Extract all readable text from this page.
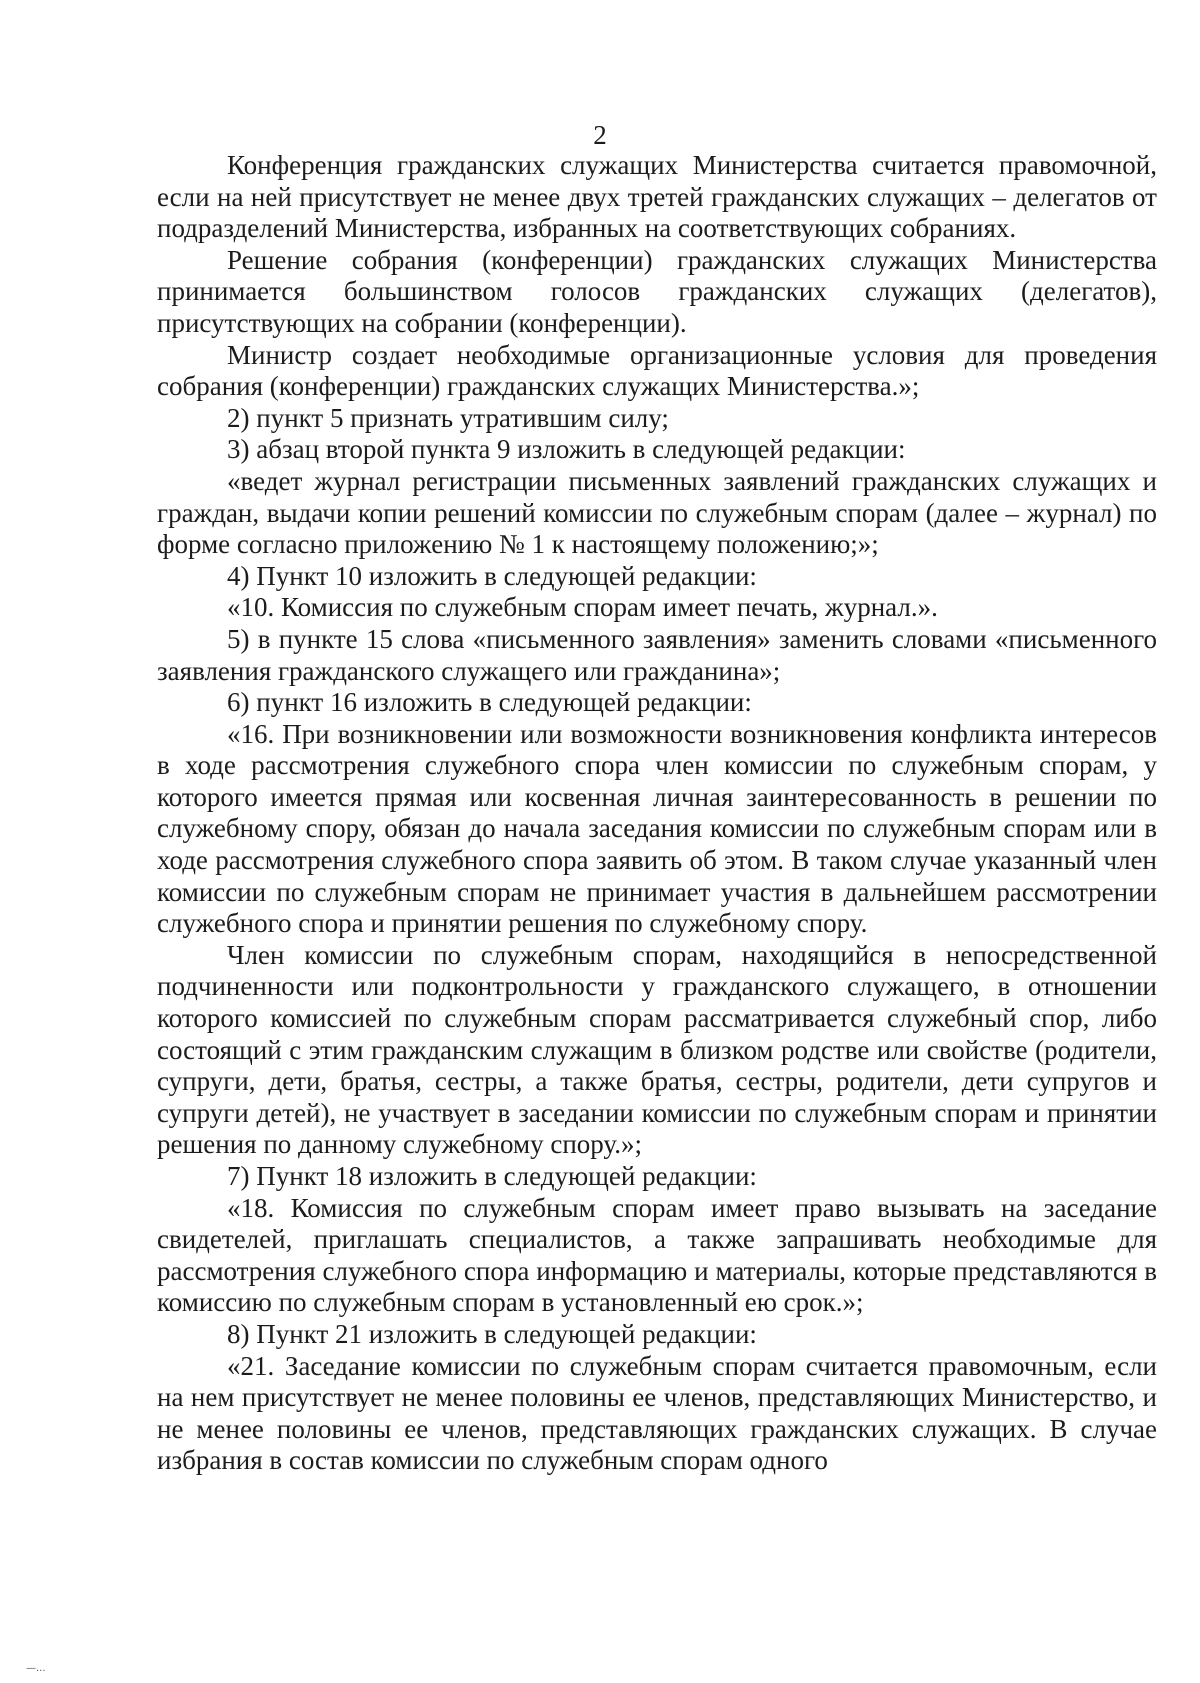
2

Конференция гражданских служащих Министерства считается правомочной, если на ней присутствует не менее двух третей гражданских служащих – делегатов от подразделений Министерства, избранных на соответствующих собраниях.

Решение собрания (конференции) гражданских служащих Министерства принимается большинством голосов гражданских служащих (делегатов), присутствующих на собрании (конференции).

Министр создает необходимые организационные условия для проведения собрания (конференции) гражданских служащих Министерства.»;

2) пункт 5 признать утратившим силу;

3) абзац второй пункта 9 изложить в следующей редакции:

«ведет журнал регистрации письменных заявлений гражданских служащих и граждан, выдачи копии решений комиссии по служебным спорам (далее – журнал) по форме согласно приложению № 1 к настоящему положению;»;

4) Пункт 10 изложить в следующей редакции:

«10. Комиссия по служебным спорам имеет печать, журнал.».

5) в пункте 15 слова «письменного заявления» заменить словами «письменного заявления гражданского служащего или гражданина»;

6) пункт 16 изложить в следующей редакции:

«16. При возникновении или возможности возникновения конфликта интересов в ходе рассмотрения служебного спора член комиссии по служебным спорам, у которого имеется прямая или косвенная личная заинтересованность в решении по служебному спору, обязан до начала заседания комиссии по служебным спорам или в ходе рассмотрения служебного спора заявить об этом. В таком случае указанный член комиссии по служебным спорам не принимает участия в дальнейшем рассмотрении служебного спора и принятии решения по служебному спору.

Член комиссии по служебным спорам, находящийся в непосредственной подчиненности или подконтрольности у гражданского служащего, в отношении которого комиссией по служебным спорам рассматривается служебный спор, либо состоящий с этим гражданским служащим в близком родстве или свойстве (родители, супруги, дети, братья, сестры, а также братья, сестры, родители, дети супругов и супруги детей), не участвует в заседании комиссии по служебным спорам и принятии решения по данному служебному спору.»;

7) Пункт 18 изложить в следующей редакции:

«18. Комиссия по служебным спорам имеет право вызывать на заседание свидетелей, приглашать специалистов, а также запрашивать необходимые для рассмотрения служебного спора информацию и материалы, которые представляются в комиссию по служебным спорам в установленный ею срок.»;

8) Пункт 21 изложить в следующей редакции:

«21. Заседание комиссии по служебным спорам считается правомочным, если на нем присутствует не менее половины ее членов, представляющих Министерство, и не менее половины ее членов, представляющих гражданских служащих. В случае избрания в состав комиссии по служебным спорам одного

—...
